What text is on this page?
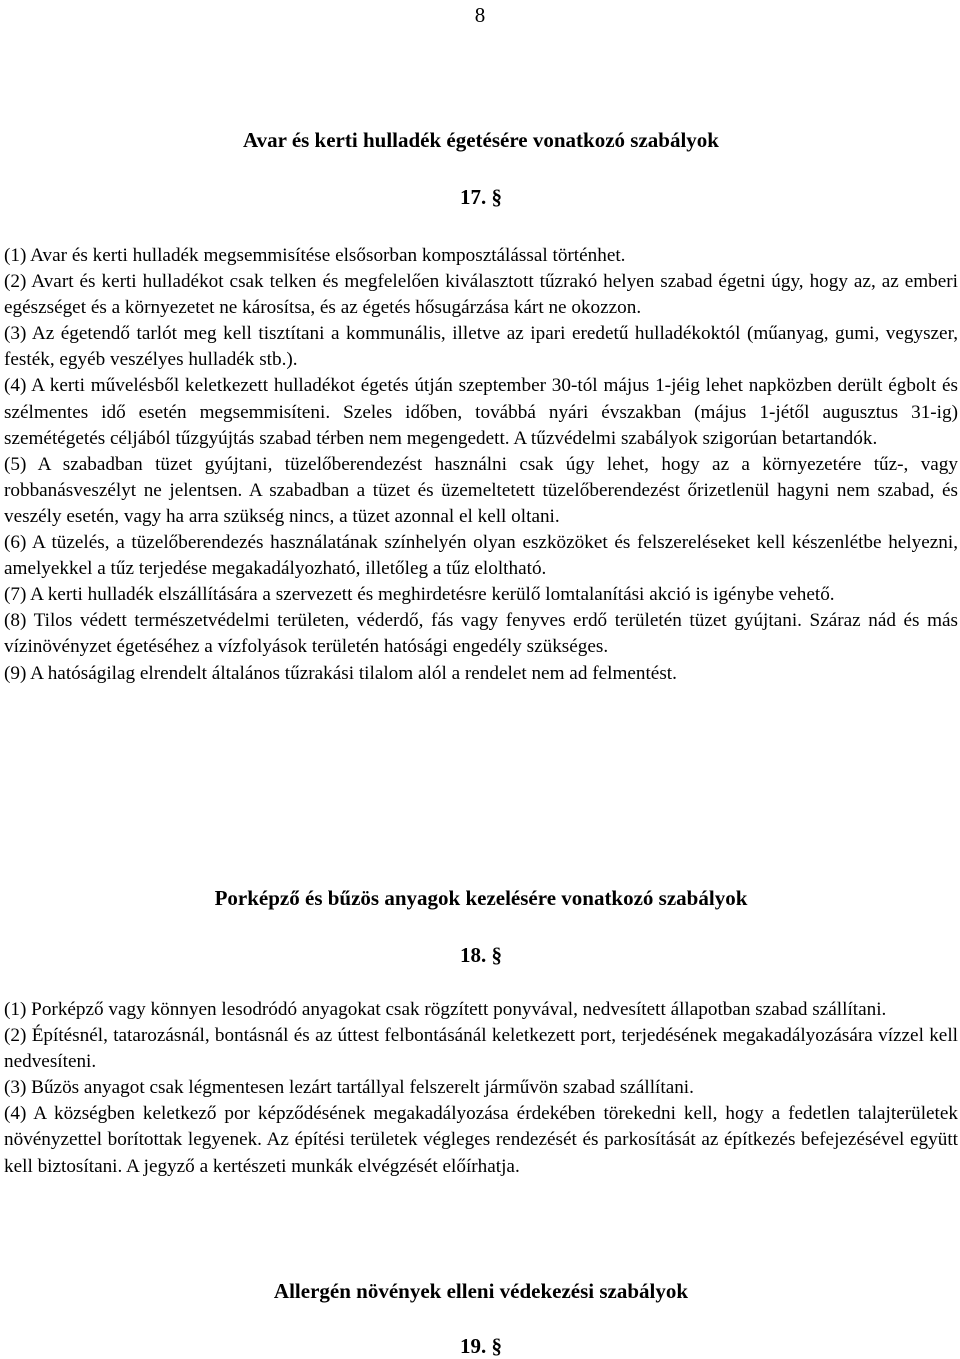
8
Avar és kerti hulladék égetésére vonatkozó szabályok
17. §

(1) Avar és kerti hulladék megsemmisítése elsősorban komposztálással történhet.

(2) Avart és kerti hulladékot csak telken és megfelelően kiválasztott tűzrakó helyen szabad égetni úgy, hogy az, az emberi egészséget és a környezetet ne károsítsa, és az égetés hősugárzása kárt ne okozzon.

(3) Az égetendő tarlót meg kell tisztítani a kommunális, illetve az ipari eredetű hulladékoktól (műanyag, gumi, vegyszer, festék, egyéb veszélyes hulladék stb.).

(4) A kerti művelésből keletkezett hulladékot égetés útján szeptember 30-tól május 1-jéig lehet napközben derült égbolt és szélmentes idő esetén megsemmisíteni. Szeles időben, továbbá nyári évszakban (május 1-jétől augusztus 31-ig) szemétégetés céljából tűzgyújtás szabad térben nem megengedett. A tűzvédelmi szabályok szigorúan betartandók.

(5) A szabadban tüzet gyújtani, tüzelőberendezést használni csak úgy lehet, hogy az a környezetére tűz-, vagy robbanásveszélyt ne jelentsen. A szabadban a tüzet és üzemeltetett tüzelőberendezést őrizetlenül hagyni nem szabad, és veszély esetén, vagy ha arra szükség nincs, a tüzet azonnal el kell oltani.

(6) A tüzelés, a tüzelőberendezés használatának színhelyén olyan eszközöket és felszereléseket kell készenlétbe helyezni, amelyekkel a tűz terjedése megakadályozható, illetőleg a tűz eloltható.

(7) A kerti hulladék elszállítására a szervezett és meghirdetésre kerülő lomtalanítási akció is igénybe vehető.

(8) Tilos védett természetvédelmi területen, véderdő, fás vagy fenyves erdő területén tüzet gyújtani. Száraz nád és más vízinövényzet égetéséhez a vízfolyások területén hatósági engedély szükséges.

(9) A hatóságilag elrendelt általános tűzrakási tilalom alól a rendelet nem ad felmentést.

Porképző és bűzös anyagok kezelésére vonatkozó szabályok
18. §

(1) Porképző vagy könnyen lesodródó anyagokat csak rögzített ponyvával, nedvesített állapotban szabad szállítani.

(2) Építésnél, tatarozásnál, bontásnál és az úttest felbontásánál keletkezett port, terjedésének megakadályozására vízzel kell nedvesíteni.

(3) Bűzös anyagot csak légmentesen lezárt tartállyal felszerelt járművön szabad szállítani.

(4) A községben keletkező por képződésének megakadályozása érdekében törekedni kell, hogy a fedetlen talajterületek növényzettel borítottak legyenek. Az építési területek végleges rendezését és parkosítását az építkezés befejezésével együtt kell biztosítani. A jegyző a kertészeti munkák elvégzését előírhatja.

Allergén növények elleni védekezési szabályok
19. §
